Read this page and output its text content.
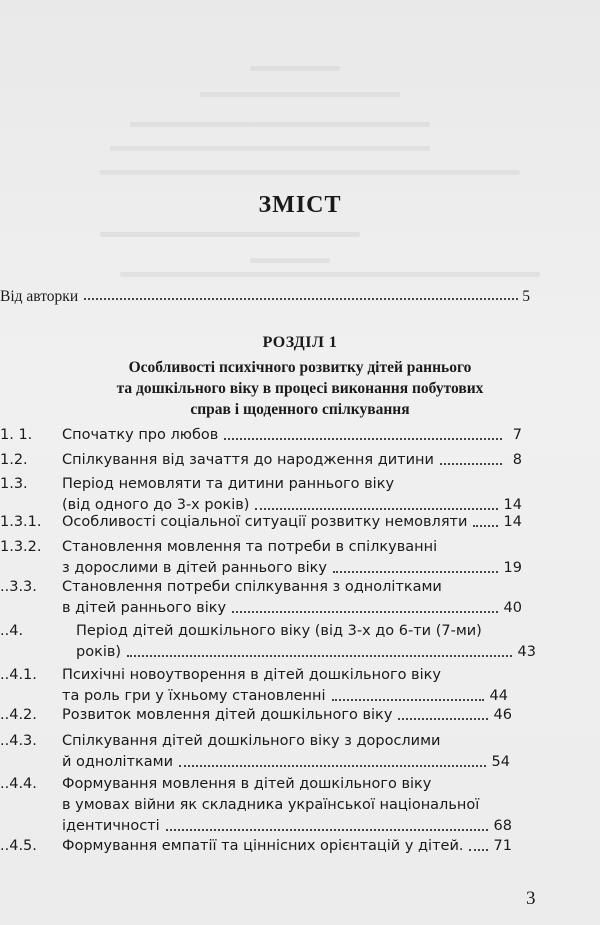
ЗМІСТ
Від авторки	5
РОЗДІЛ 1
Особливості психічного розвитку дітей раннього
та дошкільного віку в процесі виконання побутових
справ і щоденного спілкування
1. 1. Спочатку про любов	7
1.2. Спілкування від зачаття до народження дитини	8
1.3. Період немовляти та дитини раннього віку
(від одного до 3-х років)	14
1.3.1. Особливості соціальної ситуації розвитку немовляти 14
1.3.2. Становлення мовлення та потреби в спілкуванні
з дорослими в дітей раннього віку	19
..3.3. Становлення потреби спілкування з однолітками
в дітей раннього віку	40
..4.	Період дітей дошкільного віку (від 3-х до 6-ти (7-ми)
років)	43
..4.1. Психічні новоутворення в дітей дошкільного віку
та роль гри у їхньому становленні	44
..4.2. Розвиток мовлення дітей дошкільного віку	46
..4.3. Спілкування дітей дошкільного віку з дорослими
й однолітками	54
..4.4. Формування мовлення в дітей дошкільного віку
в умовах війни як складника української національної
ідентичності	68
..4.5. Формування емпатії та ціннісних орієнтацій у дітей. 71
3
